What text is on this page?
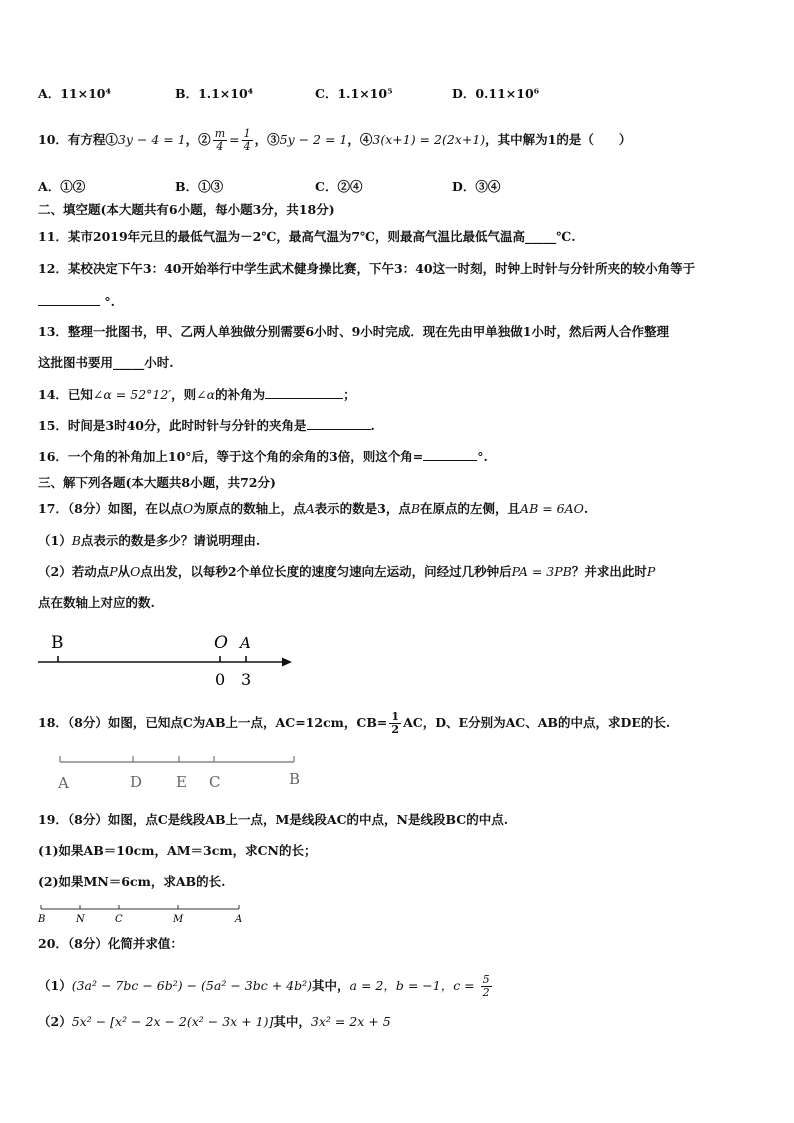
A．11×10⁴	B．1.1×10⁴	C．1.1×10⁵	D．0.11×10⁶
10．有方程①3y − 4 = 1，② $\frac{m}{4} = \frac{1}{4}$ ，③5y − 2 = 1，④3(x+1) = 2(2x+1)，其中解为1的是（　　）
A．①②	B．①③	C．②④	D．③④
二、填空题(本大题共有6小题，每小题3分，共18分)
11．某市2019年元旦的最低气温为－2℃，最高气温为7℃，则最高气温比最低气温高_____℃.
12．某校决定下午3：40开始举行中学生武术健身操比赛，下午3：40这一时刻，时钟上时针与分针所夹的较小角等于
°.
13．整理一批图书，甲、乙两人单独做分别需要6小时、9小时完成．现在先由甲单独做1小时，然后两人合作整理
这批图书要用_____小时.
14．已知∠α = 52°12′，则∠α的补角为	；
15．时间是3时40分，此时时针与分针的夹角是	.
16．一个角的补角加上10°后，等于这个角的余角的3倍，则这个角=	°.
三、解下列各题(本大题共8小题，共72分)
17．（8分）如图，在以点O为原点的数轴上，点A表示的数是3，点B在原点的左侧，且AB = 6AO.
（1）B点表示的数是多少？请说明理由.
（2）若动点P从O点出发，以每秒2个单位长度的速度匀速向左运动，问经过几秒钟后PA = 3PB？并求出此时P
点在数轴上对应的数.
B	O A
0 3
18．（8分）如图，已知点C为AB上一点，AC=12cm，$CB= \frac{1}{2}$ AC，D、E分别为AC、AB的中点，求DE的长.
A	D E C	B
19．（8分）如图，点C是线段AB上一点，M是线段AC的中点，N是线段BC的中点.
(1)如果AB＝10cm，AM＝3cm，求CN的长；
(2)如果MN＝6cm，求AB的长.
B	N	C	M	A
20．（8分）化简并求值：
（1）(3a² − 7bc − 6b²) − (5a² − 3bc + 4b²)其中，a = 2，b = −1，$c = \frac{5}{2}$
（2）5x² − [x² − 2x − 2(x² − 3x + 1)]其中，3x² = 2x + 5
